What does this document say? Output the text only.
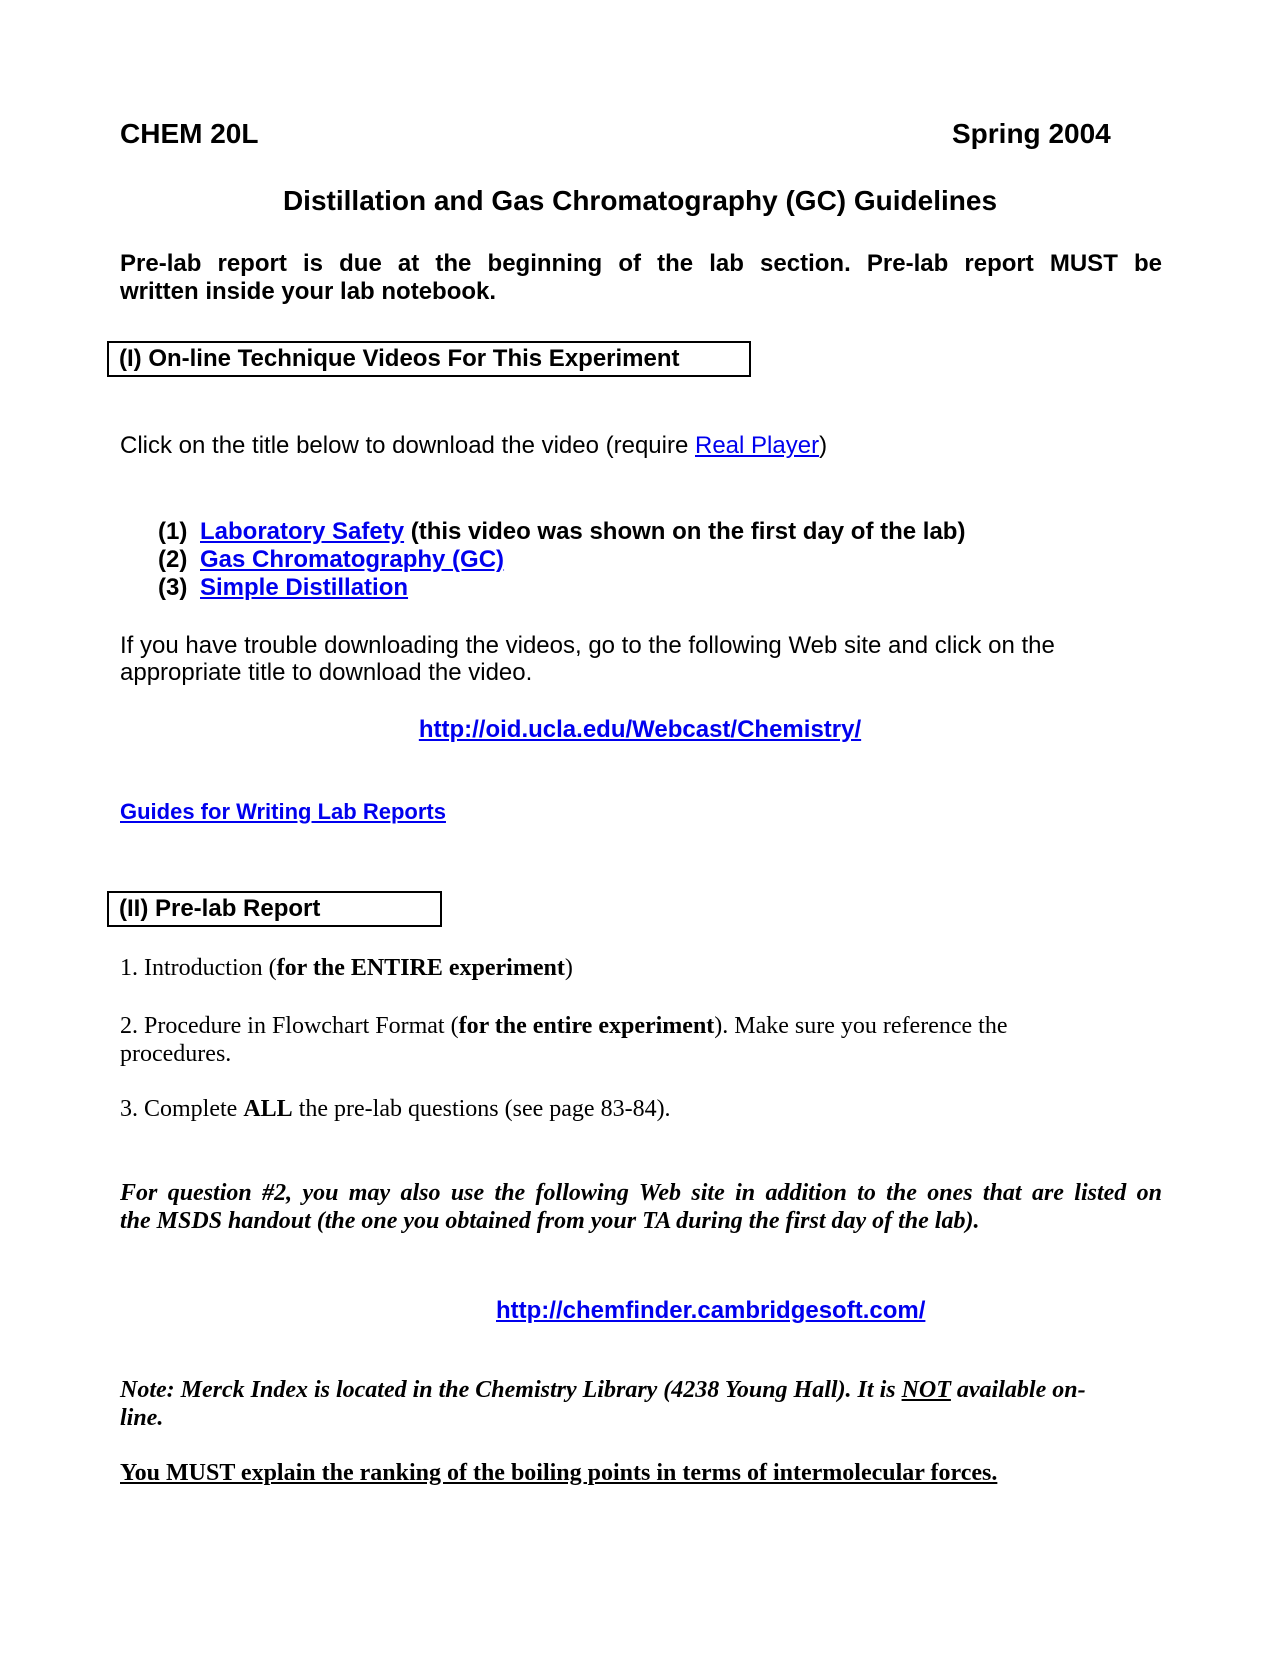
CHEM 20L	Spring 2004
Distillation and Gas Chromatography (GC) Guidelines
Pre-lab report is due at the beginning of the lab section. Pre-lab report MUST be
written inside your lab notebook.
(I) On-line Technique Videos For This Experiment
Click on the title below to download the video (require Real Player)
(1) Laboratory Safety (this video was shown on the first day of the lab)
(2) Gas Chromatography (GC)
(3) Simple Distillation
If you have trouble downloading the videos, go to the following Web site and click on the
appropriate title to download the video.
http://oid.ucla.edu/Webcast/Chemistry/
Guides for Writing Lab Reports
(II) Pre-lab Report
1. Introduction (for the ENTIRE experiment)
2. Procedure in Flowchart Format (for the entire experiment). Make sure you reference the
procedures.
3. Complete ALL the pre-lab questions (see page 83-84).
For question #2, you may also use the following Web site in addition to the ones that are listed on
the MSDS handout (the one you obtained from your TA during the first day of the lab).
http://chemfinder.cambridgesoft.com/
Note: Merck Index is located in the Chemistry Library (4238 Young Hall). It is NOT available on-
line.
You MUST explain the ranking of the boiling points in terms of intermolecular forces.
